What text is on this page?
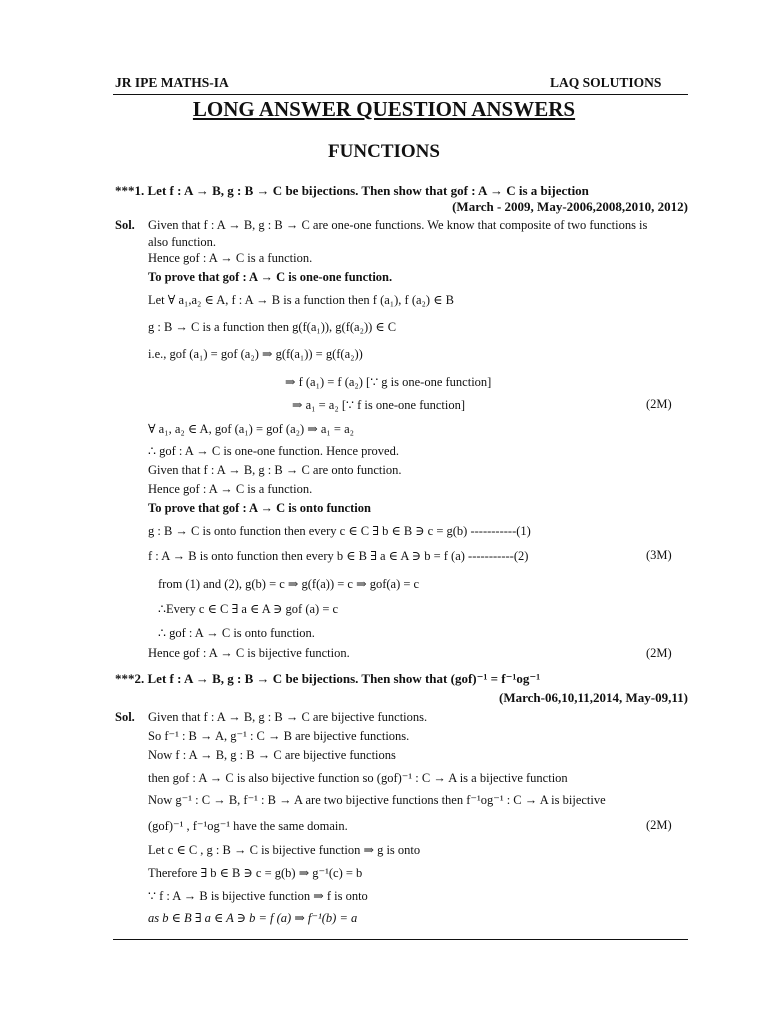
JR IPE MATHS-IA	LAQ SOLUTIONS
LONG ANSWER QUESTION ANSWERS
FUNCTIONS
***1. Let f : A → B, g : B → C be bijections. Then show that gof : A → C is a bijection
(March - 2009, May-2006,2008,2010, 2012)
Sol. Given that f : A → B, g : B → C are one-one functions. We know that composite of two functions is
also function.
Hence gof : A → C is a function.
To prove that gof : A → C is one-one function.
Let ∀ a₁,a₂ ∈ A, f : A → B is a function then f (a₁), f (a₂) ∈ B
g : B → C is a function then g(f(a₁)), g(f(a₂)) ∈ C
i.e., gof (a₁) = gof (a₂) ⇒ g(f(a₁)) = g(f(a₂))
⇒ f (a₁) = f (a₂) [∵ g is one-one function]
⇒ a₁ = a₂ [∵ f is one-one function]	(2M)
∀ a₁, a₂ ∈ A, gof (a₁) = gof (a₂) ⇒ a₁ = a₂
∴ gof : A → C is one-one function. Hence proved.
Given that f : A → B, g : B → C are onto function.
Hence gof : A → C is a function.
To prove that gof : A → C is onto function
g : B → C is onto function then every c ∈ C ∃ b ∈ B ∋ c = g(b) -----------(1)
f : A → B is onto function then every b ∈ B ∃ a ∈ A ∋ b = f (a) -----------(2)	(3M)
from (1) and (2), g(b) = c ⇒ g(f(a)) = c ⇒ gof(a) = c
∴Every c ∈ C ∃ a ∈ A ∋ gof (a) = c
∴ gof : A → C is onto function.
Hence gof : A → C is bijective function.	(2M)
***2. Let f : A → B, g : B → C be bijections. Then show that (gof)⁻¹ = f⁻¹og⁻¹
(March-06,10,11,2014, May-09,11)
Sol. Given that f : A → B, g : B → C are bijective functions.
So f⁻¹ : B → A, g⁻¹ : C → B are bijective functions.
Now f : A → B, g : B → C are bijective functions
then gof : A → C is also bijective function so (gof)⁻¹ : C → A is a bijective function
Now g⁻¹ : C → B, f⁻¹ : B → A are two bijective functions then f⁻¹og⁻¹ : C → A is bijective
(gof)⁻¹ , f⁻¹og⁻¹ have the same domain.	(2M)
Let c ∈ C , g : B → C is bijective function ⇒ g is onto
Therefore ∃ b ∈ B ∋ c = g(b) ⇒ g⁻¹(c) = b
∵ f : A → B is bijective function ⇒ f is onto
as b ∈ B ∃ a ∈ A ∋ b = f (a) ⇒ f⁻¹(b) = a
